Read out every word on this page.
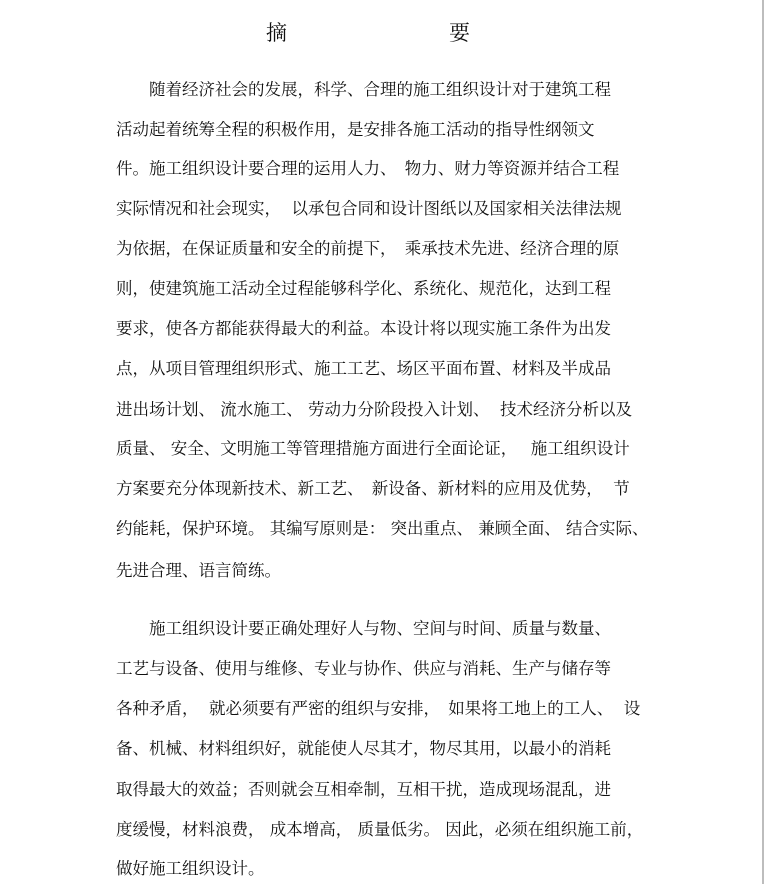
摘　　要
　　随着经济社会的发展，科学、合理的施工组织设计对于建筑工程
活动起着统筹全程的积极作用，是安排各施工活动的指导性纲领文
件。施工组织设计要合理的运用人力、　物力、财力等资源并结合工程
实际情况和社会现实，  以承包合同和设计图纸以及国家相关法律法规
为依据，在保证质量和安全的前提下，　乘承技术先进、经济合理的原
则，使建筑施工活动全过程能够科学化、系统化、规范化，达到工程
要求，使各方都能获得最大的利益。本设计将以现实施工条件为出发
点，从项目管理组织形式、施工工艺、场区平面布置、材料及半成品
进出场计划、 流水施工、 劳动力分阶段投入计划、  技术经济分析以及
质量、 安全、文明施工等管理措施方面进行全面论证，　 施工组织设计
方案要充分体现新技术、新工艺、　新设备、新材料的应用及优势，  节
约能耗，保护环境。 其编写原则是： 突出重点、 兼顾全面、 结合实际、
先进合理、语言简练。
　　施工组织设计要正确处理好人与物、空间与时间、质量与数量、
工艺与设备、使用与维修、专业与协作、供应与消耗、生产与储存等
各种矛盾，  就必须要有严密的组织与安排，　如果将工地上的工人、  设
备、机械、材料组织好，就能使人尽其才，物尽其用，以最小的消耗
取得最大的效益；否则就会互相牵制，互相干扰，造成现场混乱，进
度缓慢，材料浪费， 成本增高， 质量低劣。 因此，必须在组织施工前，
做好施工组织设计。
